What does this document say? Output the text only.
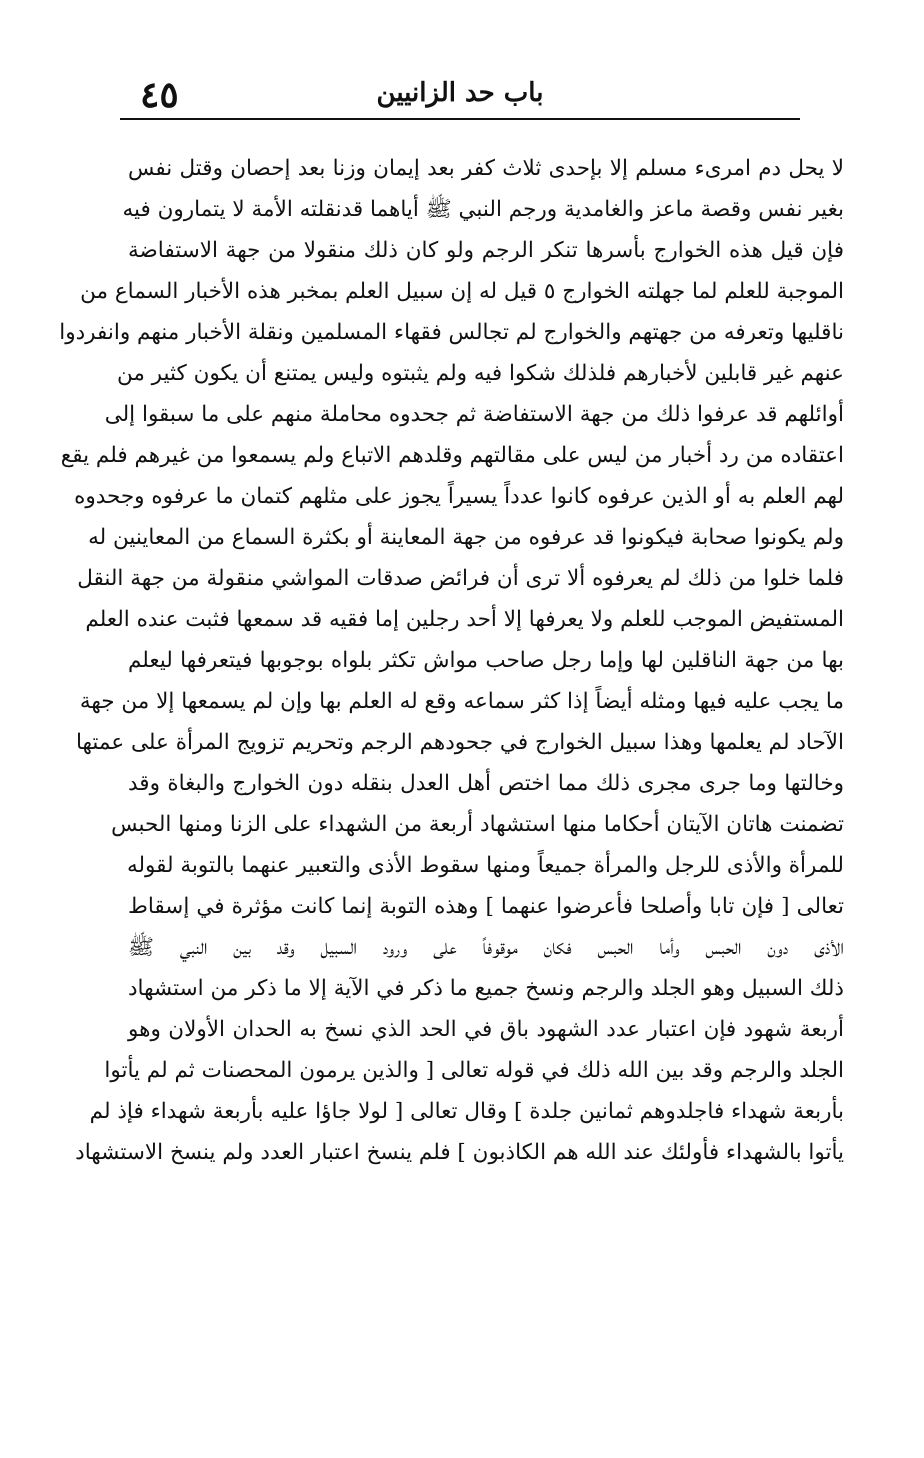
٤٥	باب حد الزانيين
لا يحل دم امرىء مسلم إلا بإحدى ثلاث كفر بعد إيمان وزنا بعد إحصان وقتل نفس
بغير نفس وقصة ماعز والغامدية ورجم النبي ﷺ أياهما قدنقلته الأمة لا يتمارون فيه
فإن قيل هذه الخوارج بأسرها تنكر الرجم ولو كان ذلك منقولا من جهة الاستفاضة
الموجبة للعلم لما جهلته الخوارج ٥ قيل له إن سبيل العلم بمخبر هذه الأخبار السماع من
ناقليها وتعرفه من جهتهم والخوارج لم تجالس فقهاء المسلمين ونقلة الأخبار منهم وانفردوا
عنهم غير قابلين لأخبارهم فلذلك شكوا فيه ولم يثبتوه وليس يمتنع أن يكون كثير من
أوائلهم قد عرفوا ذلك من جهة الاستفاضة ثم جحدوه محاملة منهم على ما سبقوا إلى
اعتقاده من رد أخبار من ليس على مقالتهم وقلدهم الاتباع ولم يسمعوا من غيرهم فلم يقع
لهم العلم به أو الذين عرفوه كانوا عدداً يسيراً يجوز على مثلهم كتمان ما عرفوه وجحدوه
ولم يكونوا صحابة فيكونوا قد عرفوه من جهة المعاينة أو بكثرة السماع من المعاينين له
فلما خلوا من ذلك لم يعرفوه ألا ترى أن فرائض صدقات المواشي منقولة من جهة النقل
المستفيض الموجب للعلم ولا يعرفها إلا أحد رجلين إما فقيه قد سمعها فثبت عنده العلم
بها من جهة الناقلين لها وإما رجل صاحب مواش تكثر بلواه بوجوبها فيتعرفها ليعلم
ما يجب عليه فيها ومثله أيضاً إذا كثر سماعه وقع له العلم بها وإن لم يسمعها إلا من جهة
الآحاد لم يعلمها وهذا سبيل الخوارج في جحودهم الرجم وتحريم تزويج المرأة على عمتها
وخالتها وما جرى مجرى ذلك مما اختص أهل العدل بنقله دون الخوارج والبغاة وقد
تضمنت هاتان الآيتان أحكاما منها استشهاد أربعة من الشهداء على الزنا ومنها الحبس
للمرأة والأذى للرجل والمرأة جميعاً ومنها سقوط الأذى والتعبير عنهما بالتوبة لقوله
تعالى [ فإن تابا وأصلحا فأعرضوا عنهما ] وهذه التوبة إنما كانت مؤثرة في إسقاط
الأذى دون الحبس وأما الحبس فكان موقوفاً على ورود السبيل وقد بين النبي ﷺ
ذلك السبيل وهو الجلد والرجم ونسخ جميع ما ذكر في الآية إلا ما ذكر من استشهاد
أربعة شهود فإن اعتبار عدد الشهود باق في الحد الذي نسخ به الحدان الأولان وهو
الجلد والرجم وقد بين الله ذلك في قوله تعالى [ والذين يرمون المحصنات ثم لم يأتوا
بأربعة شهداء فاجلدوهم ثمانين جلدة ] وقال تعالى [ لولا جاؤا عليه بأربعة شهداء فإذ لم
يأتوا بالشهداء فأولئك عند الله هم الكاذبون ] فلم ينسخ اعتبار العدد ولم ينسخ الاستشهاد
